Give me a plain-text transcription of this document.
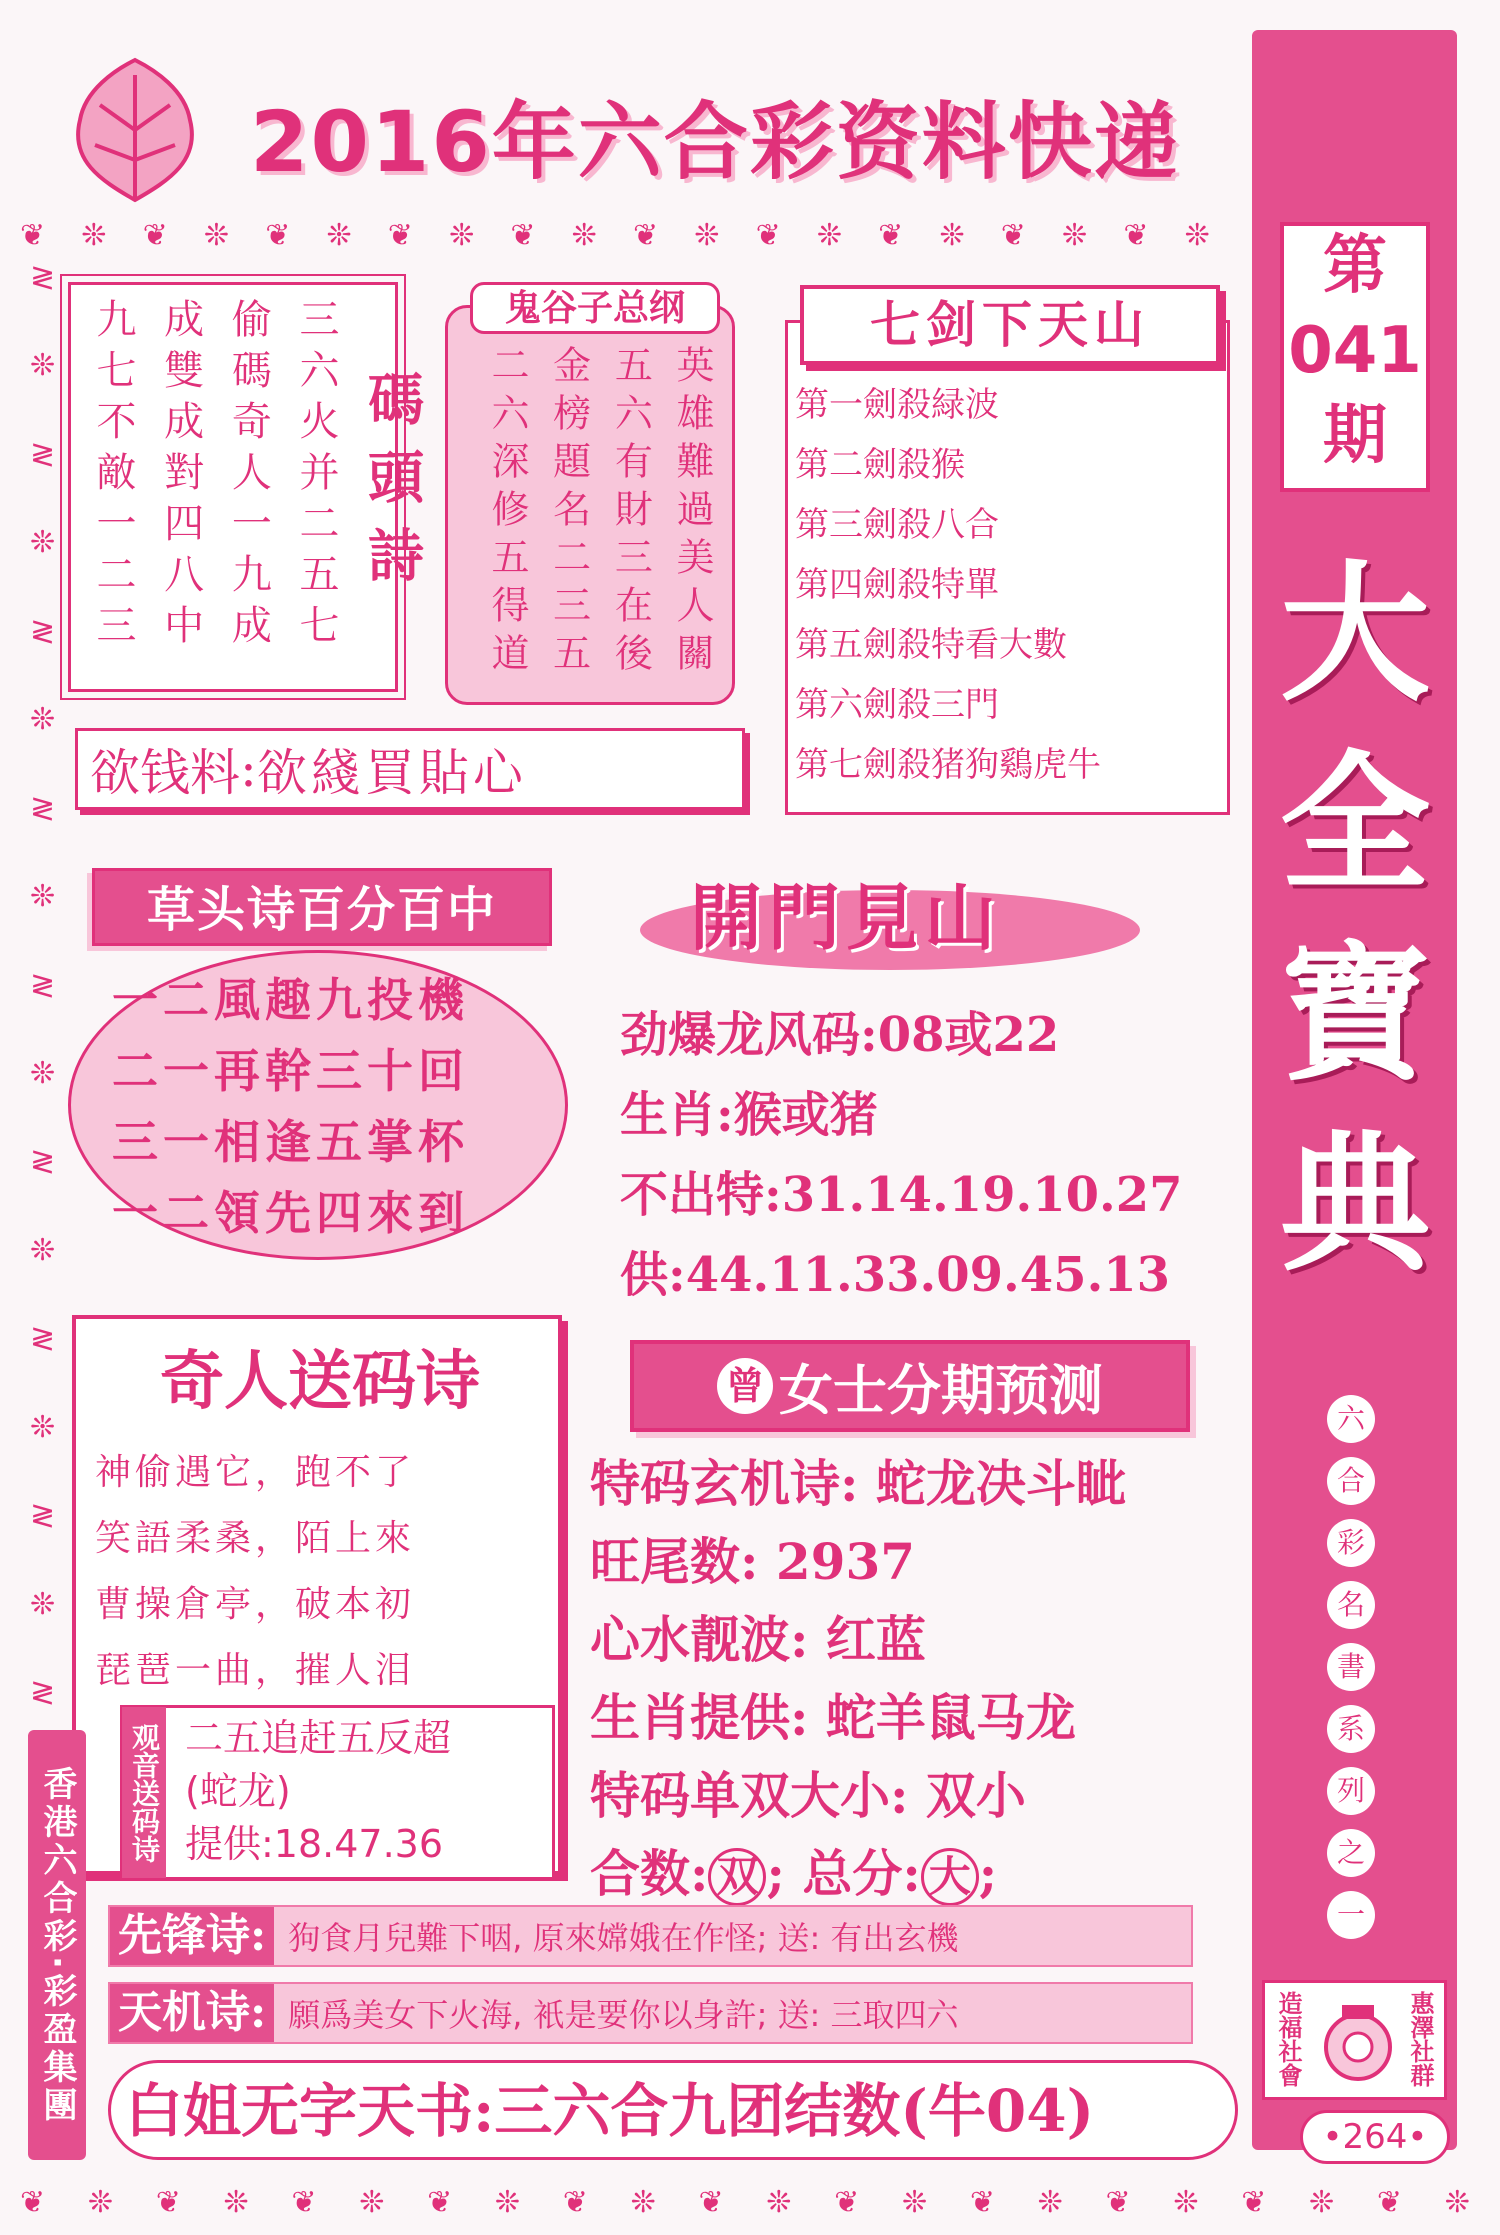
2016年六合彩资料快递
❦ ❊ ❦ ❊ ❦ ❊ ❦ ❊ ❦ ❊ ❦ ❊ ❦ ❊ ❦ ❊ ❦ ❊ ❦ ❊
≷
❊
≷
❊
≷
❊
≷
❊
≷
❊
≷
❊
≷
❊
≷
❊
≷
❦ ❊ ❦ ❊ ❦ ❊ ❦ ❊ ❦ ❊ ❦ ❊ ❦ ❊ ❦ ❊ ❦ ❊ ❦ ❊ ❦ ❊
第
041
期
大
全
寶
典
六
合
彩
名
書
系
列
之
一
造福社會	惠澤社群
•264•
三六火并二五七
偷碼奇人一九成
成雙成對四八中
九七不敵一二三	碼頭詩
鬼谷子总纲
英雄難過美人關
五六有財三在後
金榜題名二三五
二六深修五得道
七剑下天山
第一劍殺緑波
第二劍殺猴
第三劍殺八合
第四劍殺特單
第五劍殺特看大數
第六劍殺三門
第七劍殺猪狗鷄虎牛
欲钱料 : 欲綫買貼心
草头诗百分百中
一二風趣九投機
二一再幹三十回
三一相逢五掌杯
一二領先四來到
開門見山
劲爆龙风码:08或22
生肖:猴或猪
不出特:31.14.19.10.27
供:44.11.33.09.45.13
奇人送码诗
神偷遇它，跑不了
笑語柔桑，陌上來
曹操倉亭，破本初
琵琶一曲，摧人泪
观音送码诗 二五追赶五反超
(蛇龙)
提供:18.47.36
香港六合彩·彩盈集團
曾 女士分期预测
特码玄机诗: 蛇龙决斗眦
旺尾数: 2937
心水靓波: 红蓝
生肖提供: 蛇羊鼠马龙
特码单双大小: 双小
合数: 双 ; 总分: 大 ;
先锋诗: 狗食月兒難下咽, 原來嫦娥在作怪; 送: 有出玄機
天机诗: 願爲美女下火海, 衹是要你以身許; 送: 三取四六
白姐无字天书:三六合九团结数(牛04)
